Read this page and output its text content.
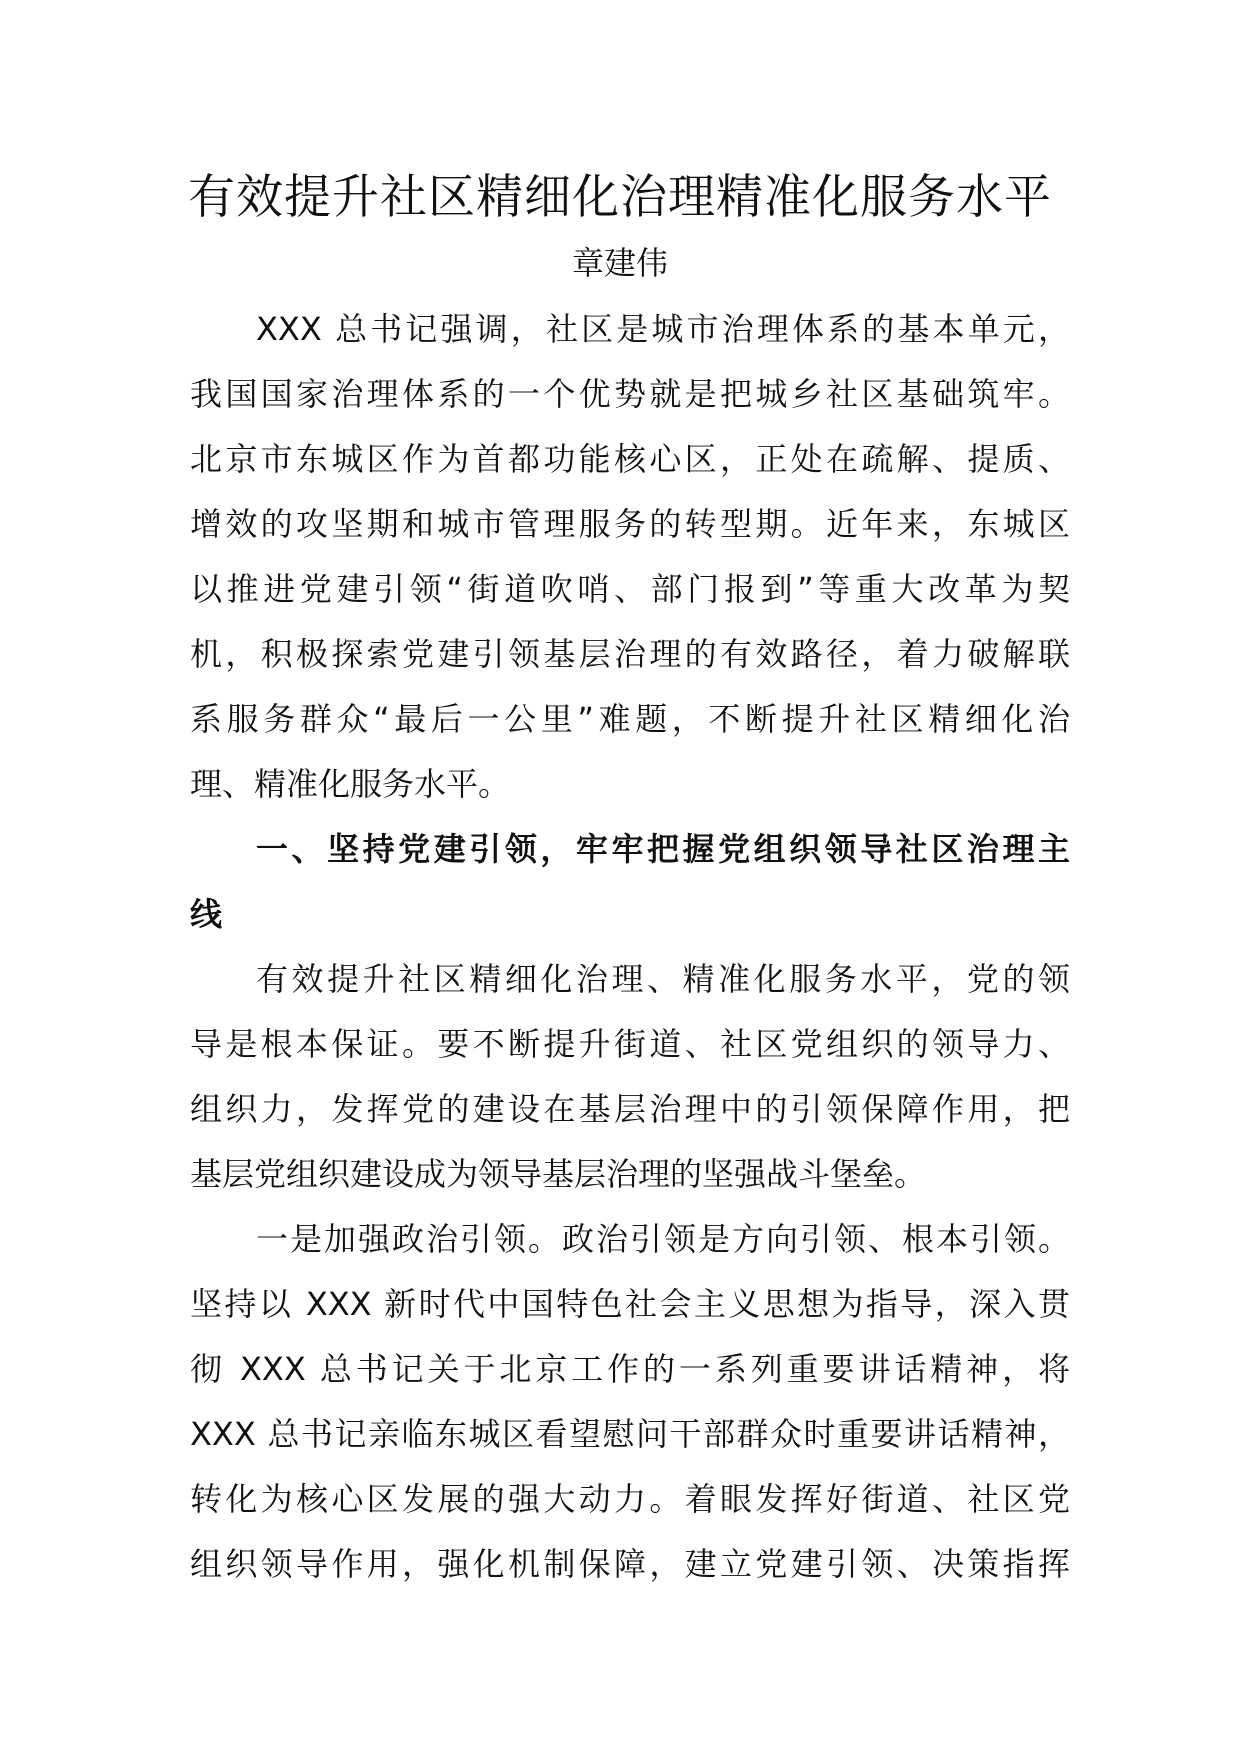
有效提升社区精细化治理精准化服务水平
章建伟
XXX 总书记强调，社区是城市治理体系的基本单元，
我国国家治理体系的一个优势就是把城乡社区基础筑牢。
北京市东城区作为首都功能核心区，正处在疏解、提质、
增效的攻坚期和城市管理服务的转型期。近年来，东城区
以推进党建引领“街道吹哨、部门报到”等重大改革为契
机，积极探索党建引领基层治理的有效路径，着力破解联
系服务群众“最后一公里”难题，不断提升社区精细化治
理、精准化服务水平。
一、坚持党建引领，牢牢把握党组织领导社区治理主
线
有效提升社区精细化治理、精准化服务水平，党的领
导是根本保证。要不断提升街道、社区党组织的领导力、
组织力，发挥党的建设在基层治理中的引领保障作用，把
基层党组织建设成为领导基层治理的坚强战斗堡垒。
一是加强政治引领。政治引领是方向引领、根本引领。
坚持以 XXX 新时代中国特色社会主义思想为指导，深入贯
彻 XXX 总书记关于北京工作的一系列重要讲话精神，将
XXX 总书记亲临东城区看望慰问干部群众时重要讲话精神，
转化为核心区发展的强大动力。着眼发挥好街道、社区党
组织领导作用，强化机制保障，建立党建引领、决策指挥
